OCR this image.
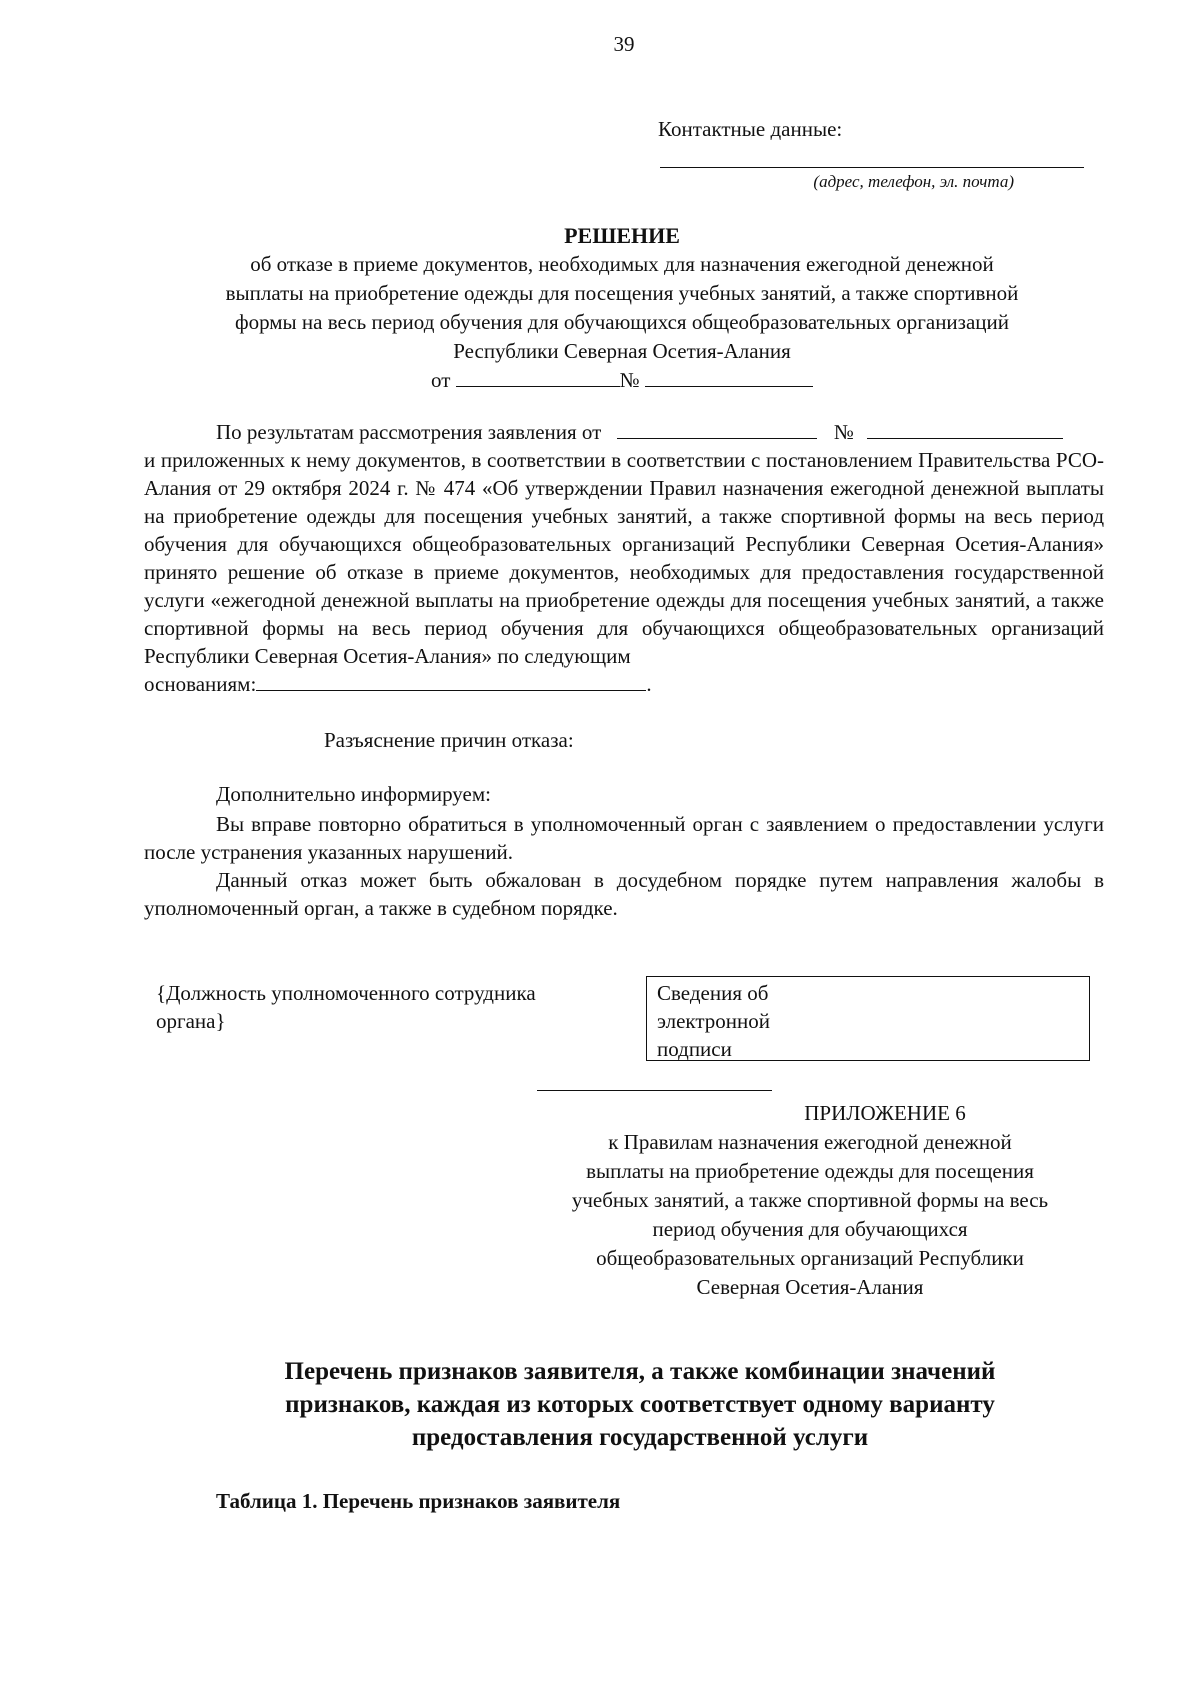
39
Контактные данные:
(адрес, телефон, эл. почта)
РЕШЕНИЕ
об отказе в приеме документов, необходимых для назначения ежегодной денежной
выплаты на приобретение одежды для посещения учебных занятий, а также спортивной
формы на весь период обучения для обучающихся общеобразовательных организаций
Республики Северная Осетия-Алания
от	№

По результатам рассмотрения заявления от	№

и приложенных к нему документов, в соответствии в соответствии с постановлением Правительства РСО-Алания от 29 октября 2024 г. № 474 «Об утверждении Правил назначения ежегодной денежной выплаты на приобретение одежды для посещения учебных занятий, а также спортивной формы на весь период обучения для обучающихся общеобразовательных организаций Республики Северная Осетия-Алания» принято решение об отказе в приеме документов, необходимых для предоставления государственной услуги «ежегодной денежной выплаты на приобретение одежды для посещения учебных занятий, а также спортивной формы на весь период обучения для обучающихся общеобразовательных организаций Республики Северная Осетия-Алания» по следующим

основаниям:	.

Разъяснение причин отказа:
Дополнительно информируем:

Вы вправе повторно обратиться в уполномоченный орган с заявлением о предоставлении услуги после устранения указанных нарушений.

Данный отказ может быть обжалован в досудебном порядке путем направления жалобы в уполномоченный орган, а также в судебном порядке.

{Должность уполномоченного сотрудника
органа}
Сведения об
электронной
подписи
ПРИЛОЖЕНИЕ 6
к Правилам назначения ежегодной денежной
выплаты на приобретение одежды для посещения
учебных занятий, а также спортивной формы на весь
период обучения для обучающихся
общеобразовательных организаций Республики
Северная Осетия-Алания
Перечень признаков заявителя, а также комбинации значений
признаков, каждая из которых соответствует одному варианту
предоставления государственной услуги
Таблица 1. Перечень признаков заявителя
